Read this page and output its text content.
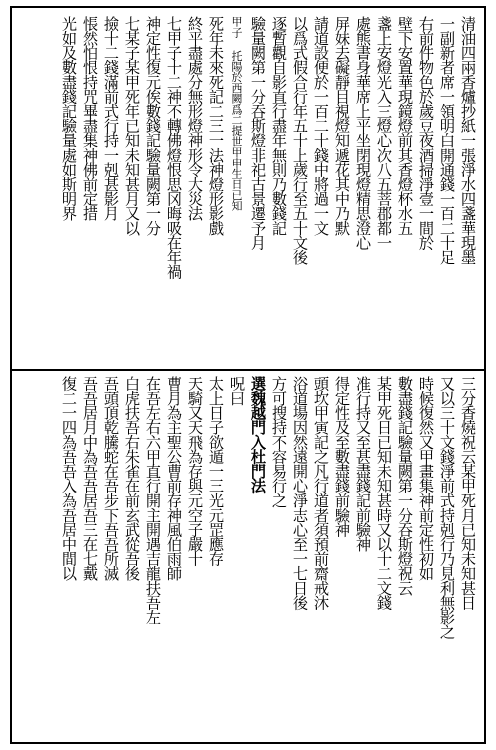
清油四兩香爐抄紙一張淨水四盞華現墨
一副新者席一領明白開通錢一百二十足
右前件物色於歲豆夜酒掃淨壹一間於
壁下安置華現鏡燈前其香燈杯水五
盞上安燈光入三燈心次八五菩郡都一
處熊書身華席上平坐閉現燈精思澄心
屏妹去礙靜目視燈知遞花其中乃默
請道設便於一百二十錢中將過一文
以爲式假合行年五十上歲行至五十文後
逐暫觀自影直行盡年無則乃數錢記
驗量闕第一分吞斯燈非祀古景遷予月
甲子 托陽於西闕爲二提世甲申生日已知
死年未來死記二三一法神燈形影戲
終平盡處分無形燈神形令大災法
七甲子十二神不轉佛燈恨思冈晦吸在年禍
神定性復元俟數錢記驗量闕第一分
七某子某甲死年已知未知甚月又以
撿十二錢滿前式行持一剋甚影月
悵然怕恨持咒畢盡集神佛前定措
光如及數盡錢記驗量處如斯明界
三分香燒祝云某甲死月已知未知甚日
又以三十文錢淨前式持剋行乃見利無影之
時候復然又甲畫集神前定性初如
數盡錢記驗量闕第一分吞斯燈祝云
某甲死日已知未知甚時又以十二文錢
准行持又至甚盡錢記前驗神
得定性及至數盡錢前驗神
頭坎甲寅記之凡行道者須預前齋戒沐
浴道場因然遠開心淨志心至一七日後
方可搜持不容易行之
選魏越門入杜門法
呪曰
太上日子欲遁一三光元罡應存
天騎又天飛為存與元空子嚴十
曹月為主聖公曹前存神風伯雨師
在吾左右六甲直行開主開遇吉龍扶吾左
白虎扶吾右朱雀在前玄武從吾後
吾頭頂乾騰蛇在吾步下吾吾所滅
吾吾居月中為吾吾居吾三在七戴
復二一四為吾吾入為吾居中間以
